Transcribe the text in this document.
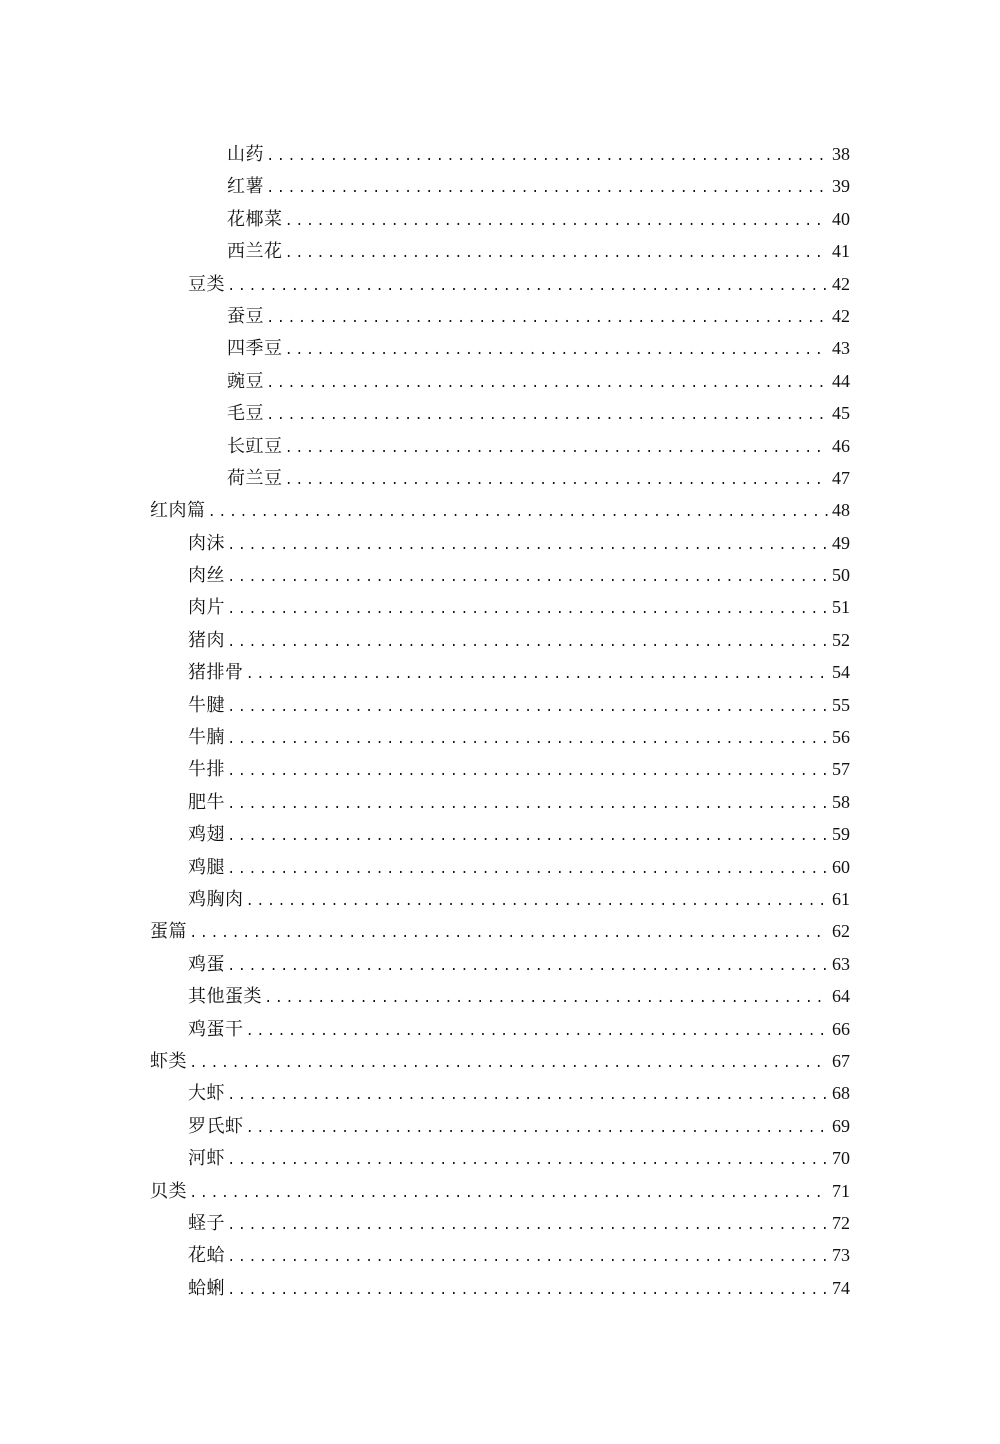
山药 .....	38
红薯 .....	39
花椰菜 .....	40
西兰花 .....	41
豆类 .....	42
蚕豆 .....	42
四季豆 .....	43
豌豆 .....	44
毛豆 .....	45
长豇豆 .....	46
荷兰豆 .....	47
红肉篇 .....	48
肉沫 .....	49
肉丝 .....	50
肉片 .....	51
猪肉 .....	52
猪排骨 .....	54
牛腱 .....	55
牛腩 .....	56
牛排 .....	57
肥牛 .....	58
鸡翅 .....	59
鸡腿 .....	60
鸡胸肉 .....	61
蛋篇 .....	62
鸡蛋 .....	63
其他蛋类 .....	64
鸡蛋干 .....	66
虾类 .....	67
大虾 .....	68
罗氏虾 .....	69
河虾 .....	70
贝类 .....	71
蛏子 .....	72
花蛤 .....	73
蛤蜊 .....	74
